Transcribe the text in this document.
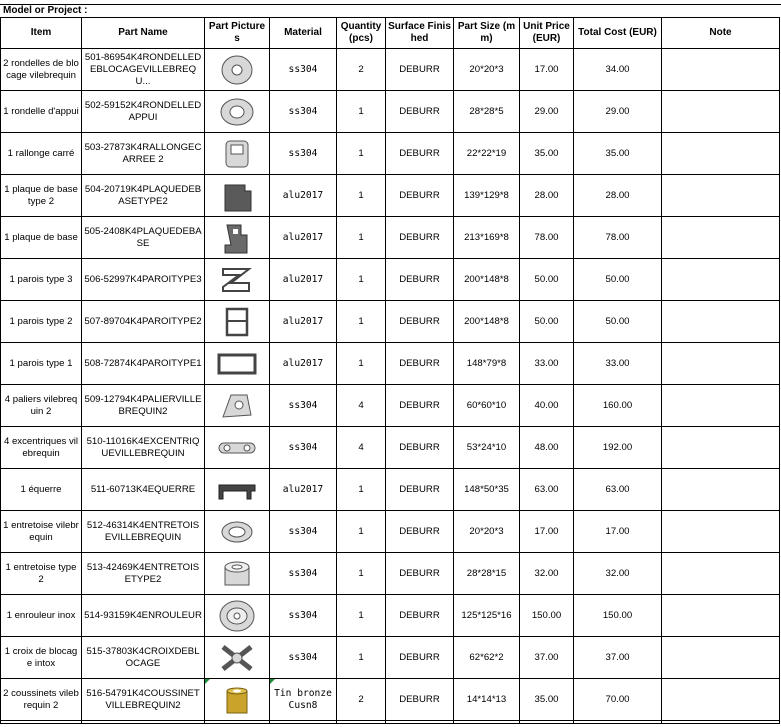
Model or Project :
Item	Part Name	Part Pictures	Material	Quantity (pcs)	Surface Finished	Part Size (mm)	Unit Price (EUR)	Total Cost (EUR)	Note
2 rondelles de blocage vilebrequin	501-86954K4RONDELLEDEBLOCAGEVILLEBREQU...		ss304	2	DEBURR	20*20*3	17.00	34.00	
1 rondelle d'appui	502-59152K4RONDELLEDAPPUI		ss304	1	DEBURR	28*28*5	29.00	29.00	
1 rallonge carré	503-27873K4RALLONGECARREE 2		ss304	1	DEBURR	22*22*19	35.00	35.00	
1 plaque de base type 2	504-20719K4PLAQUEDEBASETYPE2		alu2017	1	DEBURR	139*129*8	28.00	28.00	
1 plaque de base	505-2408K4PLAQUEDEBASE		alu2017	1	DEBURR	213*169*8	78.00	78.00	
1 parois type 3	506-52997K4PAROITYPE3		alu2017	1	DEBURR	200*148*8	50.00	50.00	
1 parois type 2	507-89704K4PAROITYPE2		alu2017	1	DEBURR	200*148*8	50.00	50.00	
1 parois type 1	508-72874K4PAROITYPE1		alu2017	1	DEBURR	148*79*8	33.00	33.00	
4 paliers vilebrequin 2	509-12794K4PALIERVILLEBREQUIN2		ss304	4	DEBURR	60*60*10	40.00	160.00	
4 excentriques vilebrequin	510-11016K4EXCENTRIQUEVILLEBREQUIN		ss304	4	DEBURR	53*24*10	48.00	192.00	
1 équerre	511-60713K4EQUERRE		alu2017	1	DEBURR	148*50*35	63.00	63.00	
1 entretoise vilebrequin	512-46314K4ENTRETOISEVILLEBREQUIN		ss304	1	DEBURR	20*20*3	17.00	17.00	
1 entretoise type 2	513-42469K4ENTRETOISETYPE2		ss304	1	DEBURR	28*28*15	32.00	32.00	
1 enrouleur inox	514-93159K4ENROULEUR		ss304	1	DEBURR	125*125*16	150.00	150.00	
1 croix de blocage intox	515-37803K4CROIXDEBLOCAGE		ss304	1	DEBURR	62*62*2	37.00	37.00	
2 coussinets vilebrequin 2	516-54791K4COUSSINETVILLEBREQUIN2		Tin bronze Cusn8	2	DEBURR	14*14*13	35.00	70.00	
